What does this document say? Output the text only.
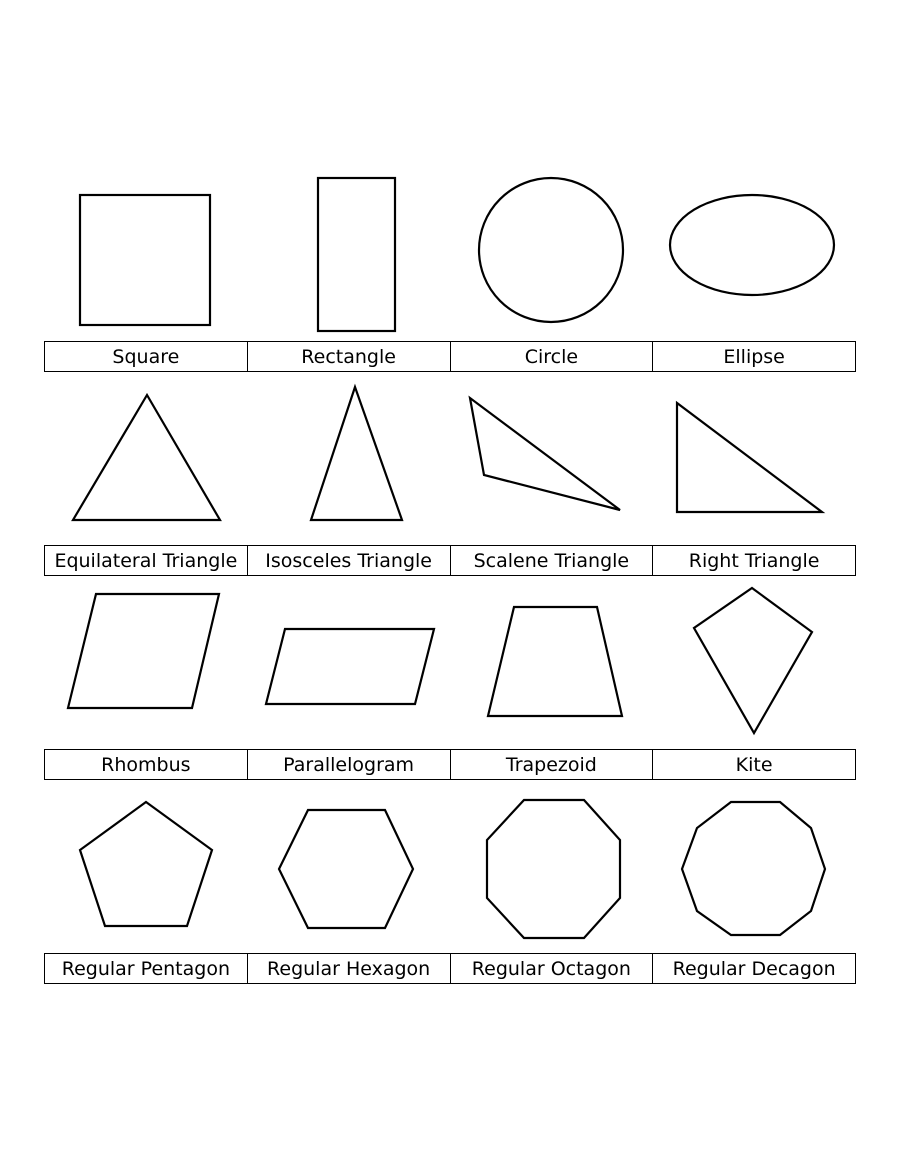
Square	Rectangle	Circle	Ellipse
Equilateral Triangle	Isosceles Triangle	Scalene Triangle	Right Triangle
Rhombus	Parallelogram	Trapezoid	Kite
Regular Pentagon	Regular Hexagon	Regular Octagon	Regular Decagon
